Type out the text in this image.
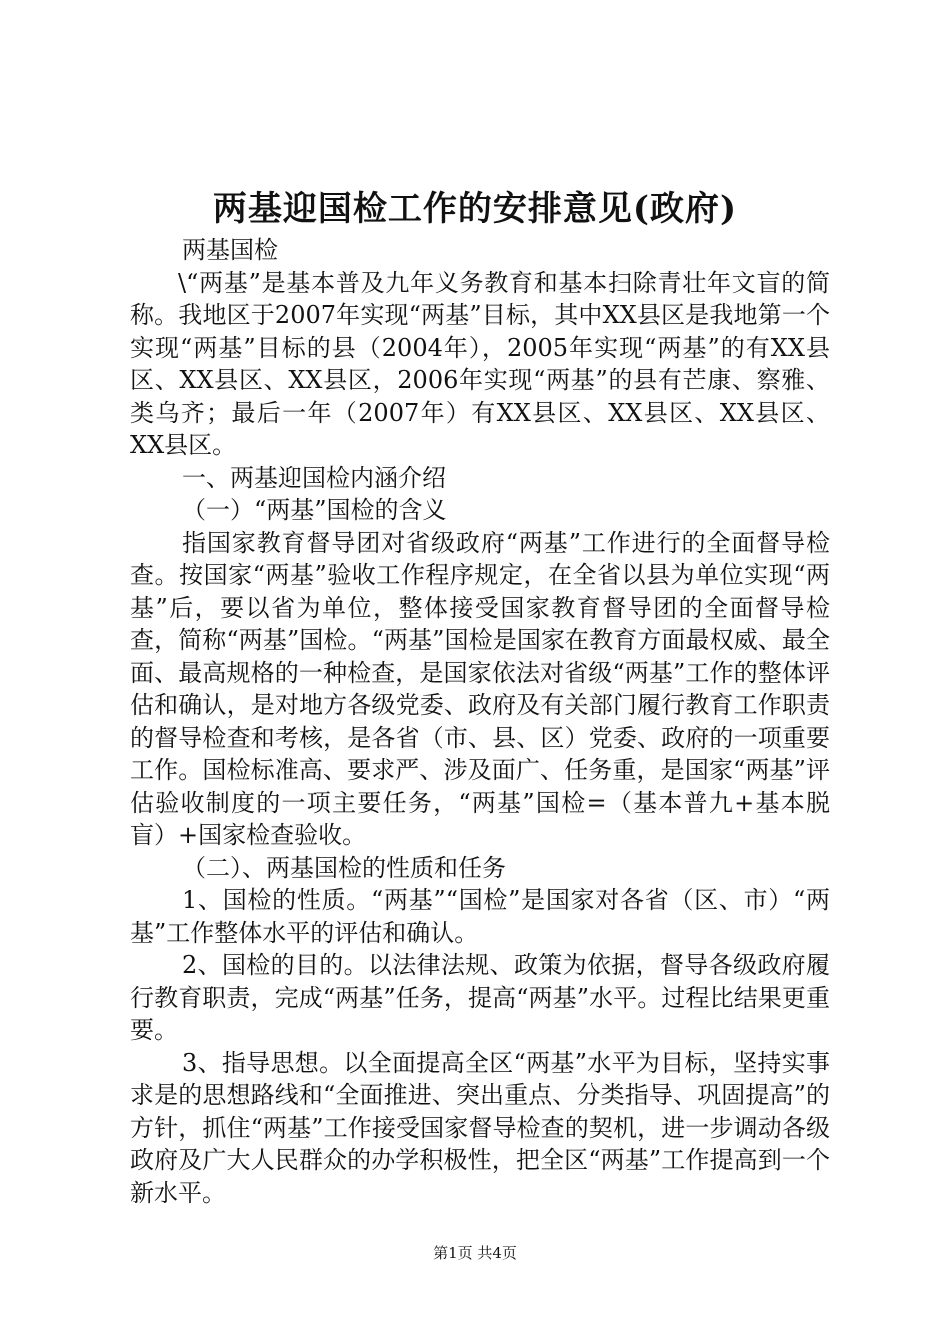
两基迎国检工作的安排意见(政府)

两基国检

\“两基”是基本普及九年义务教育和基本扫除青壮年文盲的简称。我地区于2007年实现“两基”目标，其中XX县区是我地第一个实现“两基”目标的县（2004年），2005年实现“两基”的有XX县区、XX县区、XX县区，2006年实现“两基”的县有芒康、察雅、类乌齐；最后一年（2007年）有XX县区、XX县区、XX县区、XX县区。

一、两基迎国检内涵介绍

（一）“两基”国检的含义

指国家教育督导团对省级政府“两基”工作进行的全面督导检查。按国家“两基”验收工作程序规定，在全省以县为单位实现“两基”后，要以省为单位，整体接受国家教育督导团的全面督导检查，简称“两基”国检。“两基”国检是国家在教育方面最权威、最全面、最高规格的一种检查，是国家依法对省级“两基”工作的整体评估和确认，是对地方各级党委、政府及有关部门履行教育工作职责的督导检查和考核，是各省（市、县、区）党委、政府的一项重要工作。国检标准高、要求严、涉及面广、任务重，是国家“两基”评估验收制度的一项主要任务，“两基”国检=（基本普九+基本脱盲）+国家检查验收。

（二）、两基国检的性质和任务

1、国检的性质。“两基”“国检”是国家对各省（区、市）“两基”工作整体水平的评估和确认。

2、国检的目的。以法律法规、政策为依据，督导各级政府履行教育职责，完成“两基”任务，提高“两基”水平。过程比结果更重要。

3、指导思想。以全面提高全区“两基”水平为目标，坚持实事求是的思想路线和“全面推进、突出重点、分类指导、巩固提高”的方针，抓住“两基”工作接受国家督导检查的契机，进一步调动各级政府及广大人民群众的办学积极性，把全区“两基”工作提高到一个新水平。

第1页 共4页
